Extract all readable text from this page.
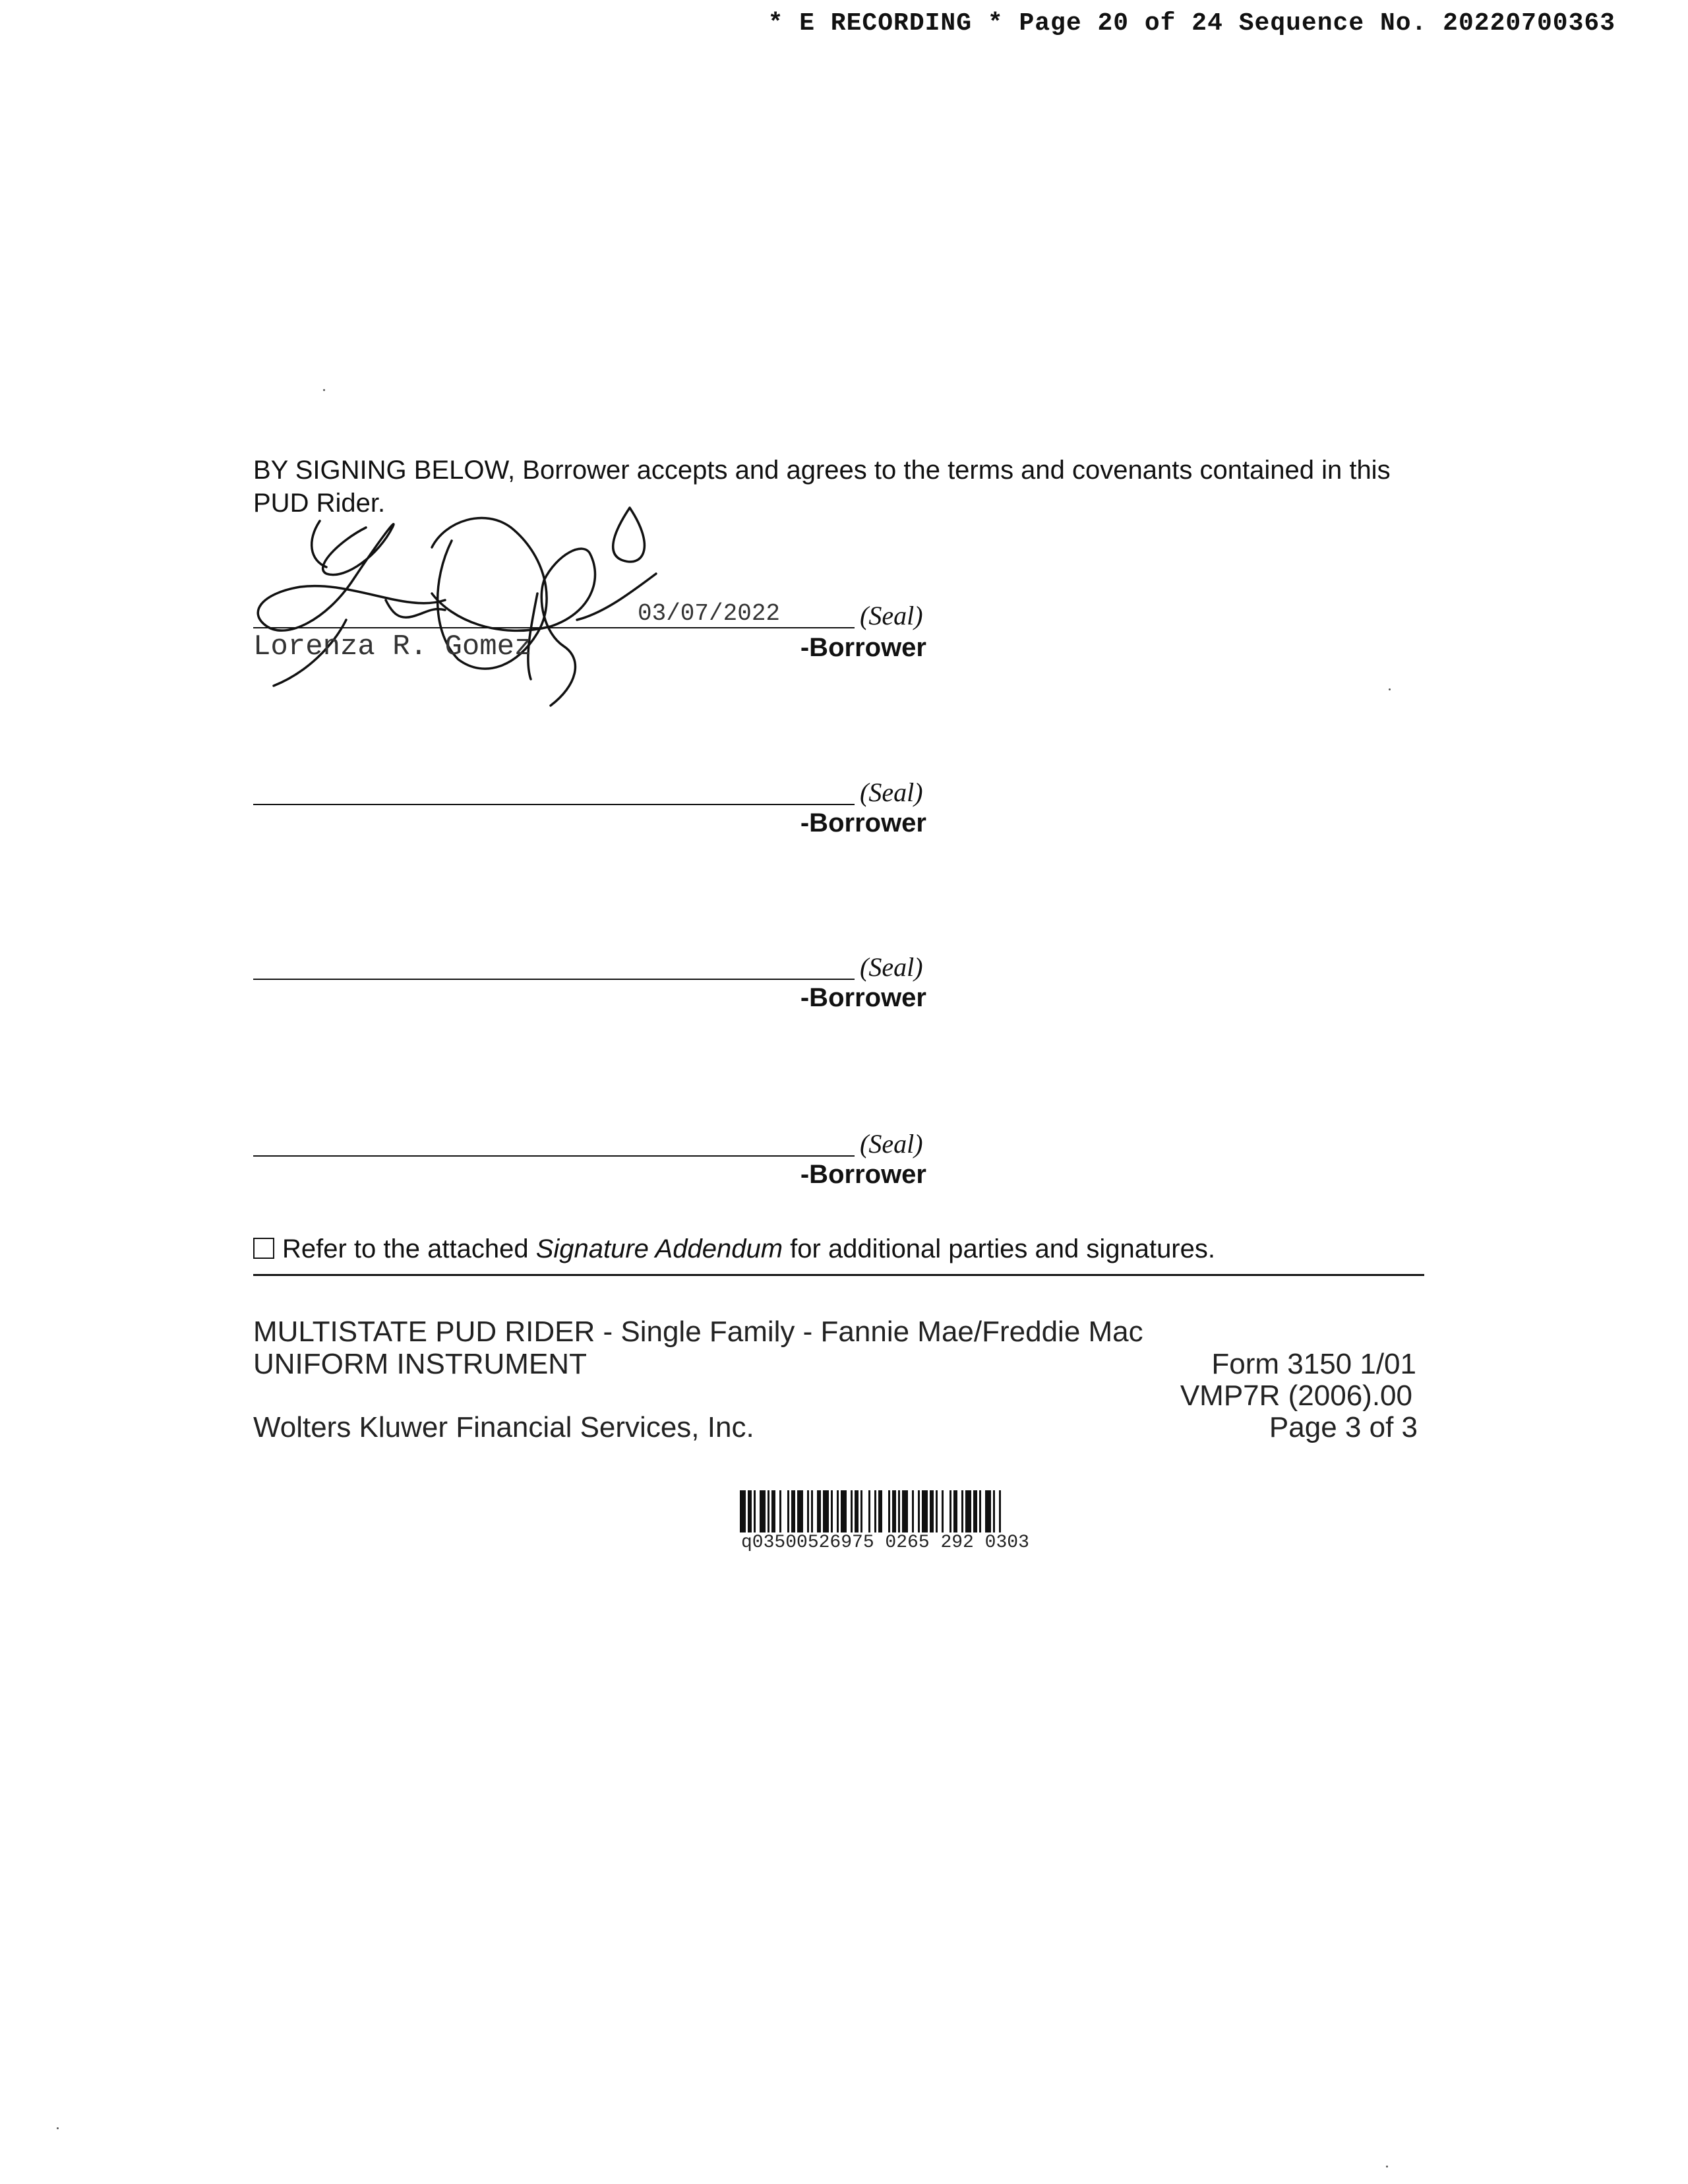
* E RECORDING * Page 20 of 24 Sequence No. 20220700363
BY SIGNING BELOW, Borrower accepts and agrees to the terms and covenants contained in this PUD Rider.
Lorenza R. Gomez
03/07/2022	(Seal)
-Borrower
(Seal)
-Borrower
(Seal)
-Borrower
(Seal)
-Borrower
Refer to the attached Signature Addendum for additional parties and signatures.
MULTISTATE PUD RIDER - Single Family - Fannie Mae/Freddie Mac
UNIFORM INSTRUMENT	Form 3150 1/01
VMP7R (2006).00
Wolters Kluwer Financial Services, Inc.	Page 3 of 3
q03500526975 0265 292 0303
